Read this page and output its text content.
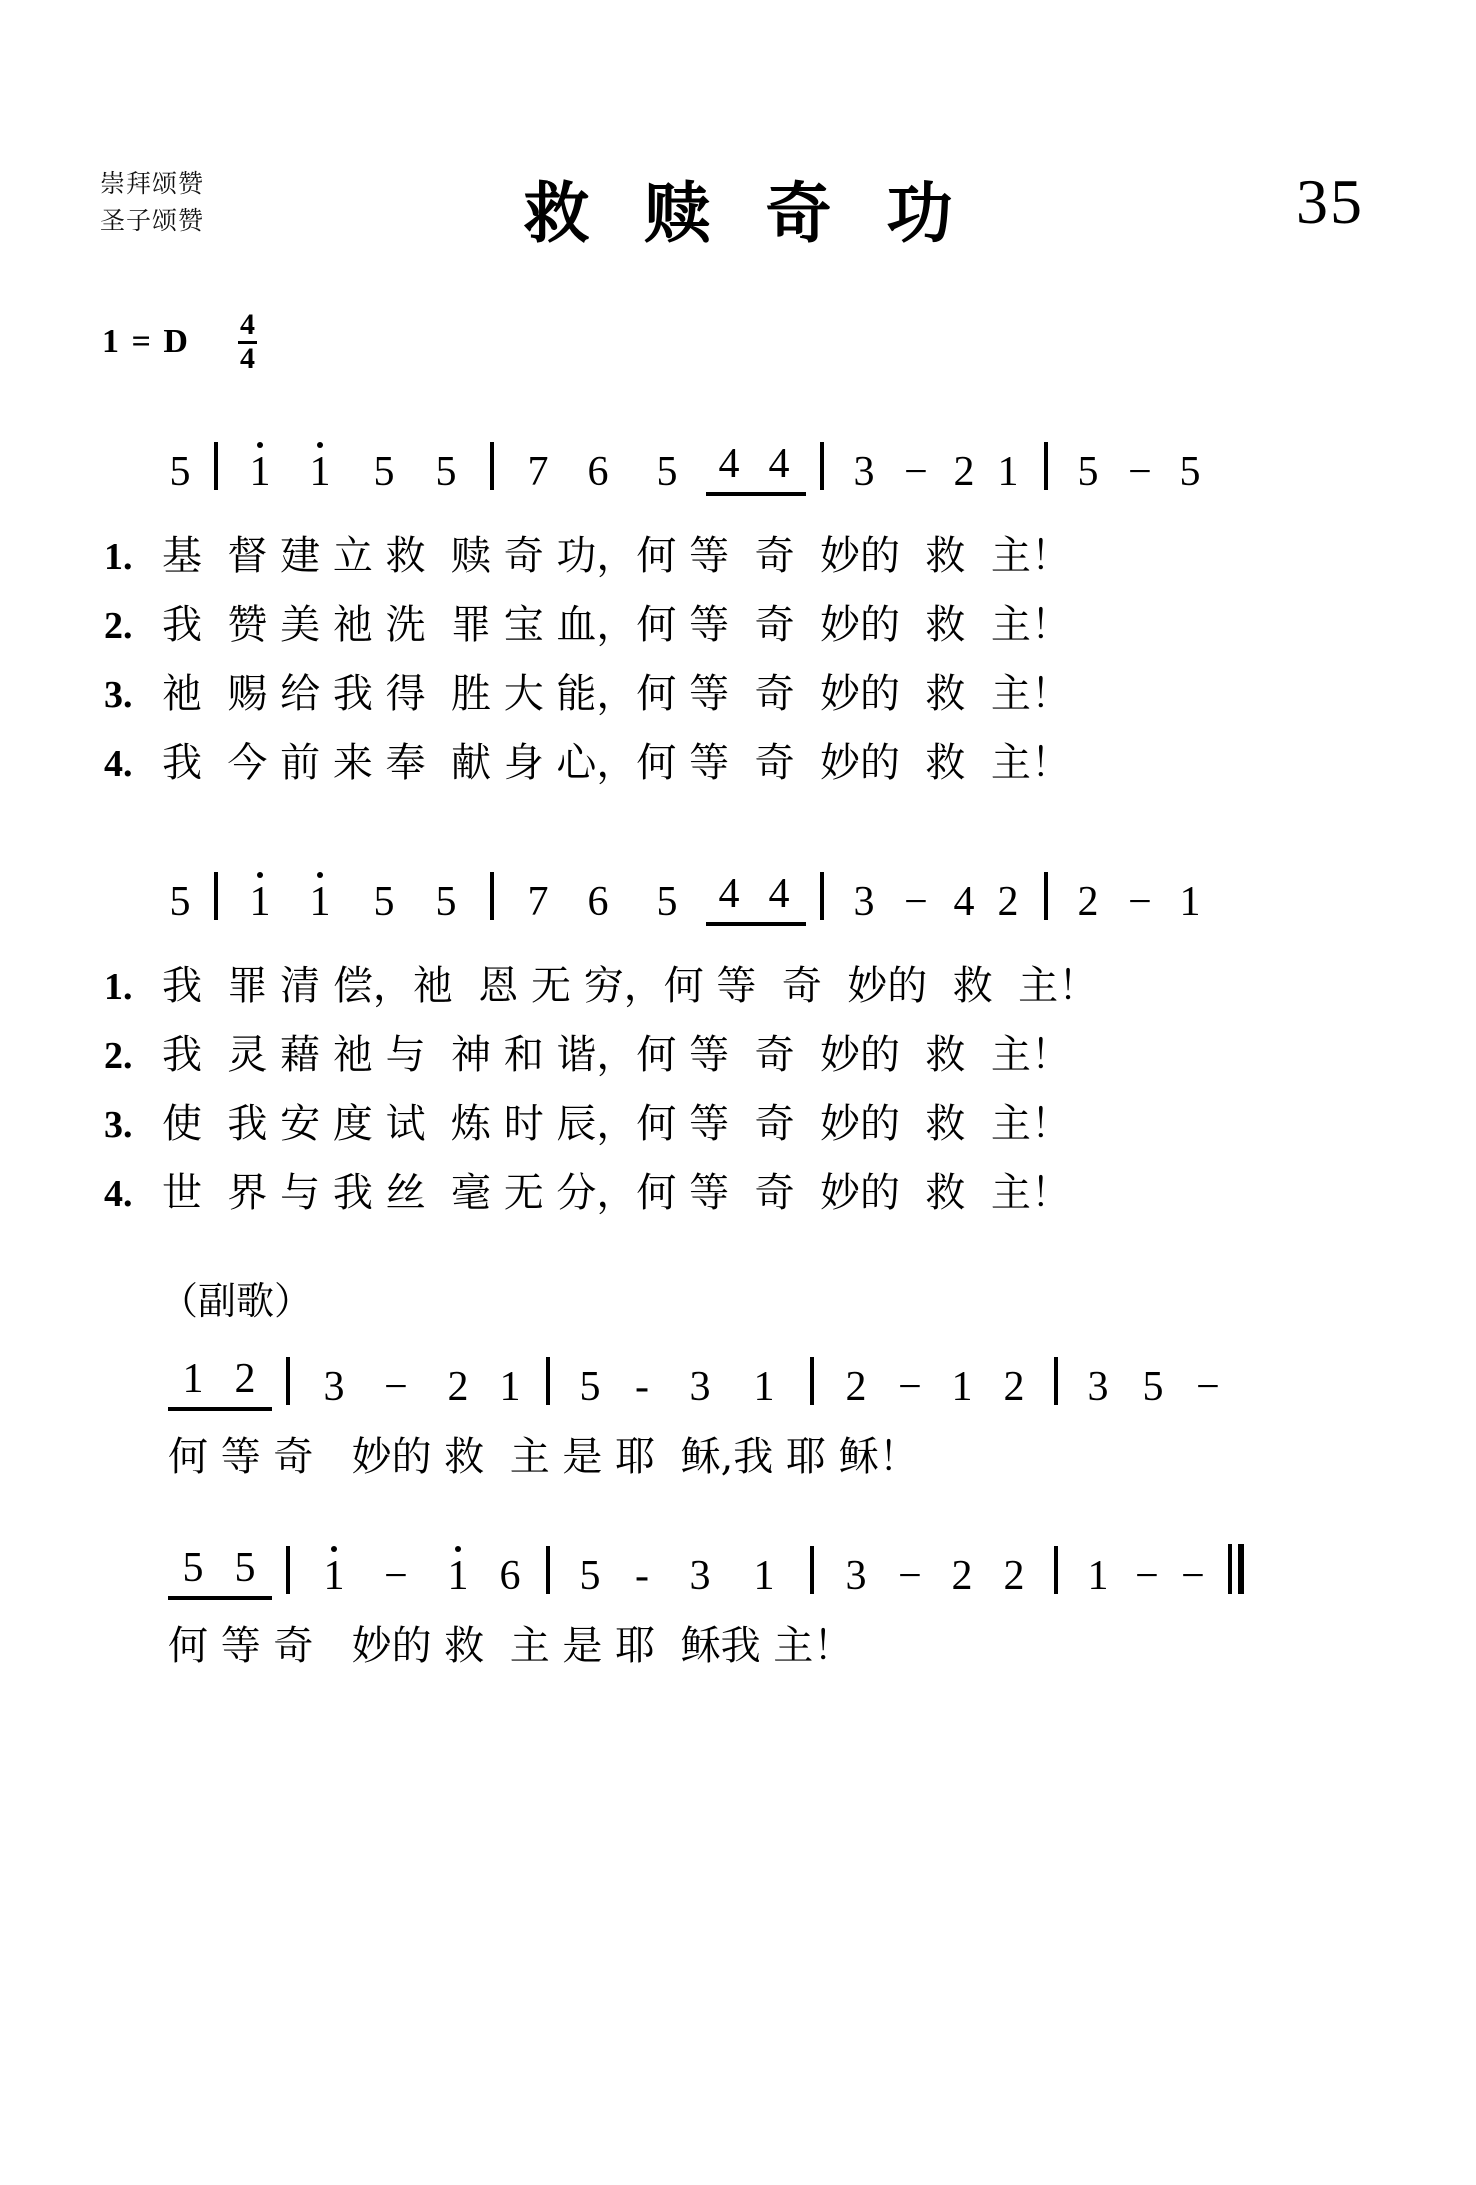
崇拜颂赞
圣子颂赞	救 赎 奇 功	35
1 = D $\frac{4}{4}$
5	1 1	5 5	7 6	5 4 4	3 − 2 1	5 − 5
1. 基  督 建 立 救  赎 奇 功，何 等  奇  妙的  救  主！
2. 我  赞 美 祂 洗  罪 宝 血，何 等  奇  妙的  救  主！
3. 祂  赐 给 我 得  胜 大 能，何 等  奇  妙的  救  主！
4. 我  今 前 来 奉  献 身 心，何 等  奇  妙的  救  主！
5	1 1	5 5	7 6	5 4 4	3 − 4 2	2 − 1
1. 我  罪 清 偿，祂  恩 无 穷，何 等  奇  妙的  救  主！
2. 我  灵 藉 祂 与  神 和 谐，何 等  奇  妙的  救  主！
3. 使  我 安 度 试  炼 时 辰，何 等  奇  妙的  救  主！
4. 世  界 与 我 丝  毫 无 分，何 等  奇  妙的  救  主！
（副歌）
1 2	3 − 2 1	5 - 3	1	2 − 1 2	3 5 −
何 等 奇   妙的 救  主 是 耶  稣,我 耶 稣！
5 5	1 − 1 6	5 - 3	1	3 − 2 2	1 − −
何 等 奇   妙的 救  主 是 耶  稣我 主！
